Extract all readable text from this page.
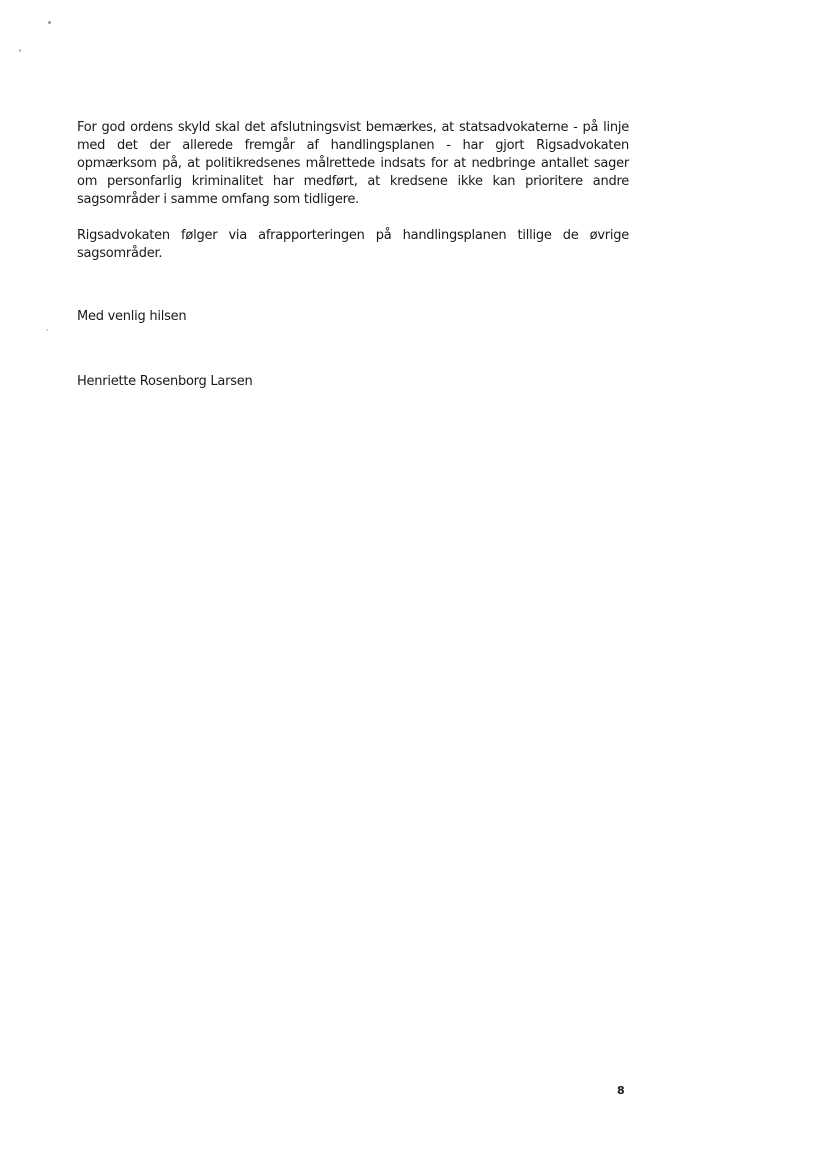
For god ordens skyld skal det afslutningsvist bemærkes, at statsadvokaterne - på linje med det der allerede fremgår af handlingsplanen - har gjort Rigsadvokaten opmærksom på, at politikredsenes målrettede indsats for at nedbringe antallet sager om personfarlig kriminalitet har medført, at kredsene ikke kan prioritere andre sagsområder i samme omfang som tidligere.

Rigsadvokaten følger via afrapporteringen på handlingsplanen tillige de øvrige sagsområder.

Med venlig hilsen

Henriette Rosenborg Larsen

8
